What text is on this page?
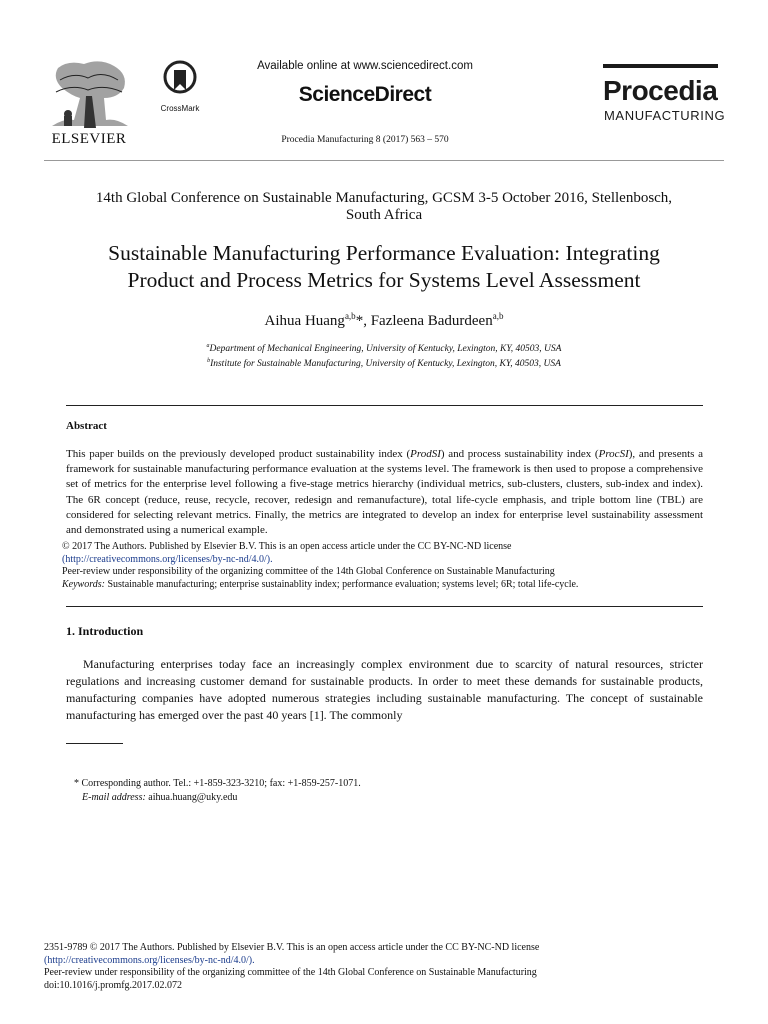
ELSEVIER
CrossMark
Available online at www.sciencedirect.com
ScienceDirect
Procedia Manufacturing 8 (2017) 563 – 570
Procedia
MANUFACTURING
14th Global Conference on Sustainable Manufacturing, GCSM 3-5 October 2016, Stellenbosch,
South Africa
Sustainable Manufacturing Performance Evaluation: Integrating
Product and Process Metrics for Systems Level Assessment
Aihua Huang$^{a,b}$*, Fazleena Badurdeen$^{a,b}$
$^a$Department of Mechanical Engineering, University of Kentucky, Lexington, KY, 40503, USA
$^b$Institute for Sustainable Manufacturing, University of Kentucky, Lexington, KY, 40503, USA
Abstract
This paper builds on the previously developed product sustainability index (ProdSI) and process sustainability index (ProcSI), and presents a framework for sustainable manufacturing performance evaluation at the systems level. The framework is then used to propose a comprehensive set of metrics for the enterprise level following a five-stage metrics hierarchy (individual metrics, sub-clusters, clusters, sub-index and index). The 6R concept (reduce, reuse, recycle, recover, redesign and remanufacture), total life-cycle emphasis, and triple bottom line (TBL) are considered for selecting relevant metrics. Finally, the metrics are integrated to develop an index for enterprise level sustainability assessment and demonstrated using a numerical example.
© 2017 The Authors. Published by Elsevier B.V. This is an open access article under the CC BY-NC-ND license
(http://creativecommons.org/licenses/by-nc-nd/4.0/).
Peer-review under responsibility of the organizing committee of the 14th Global Conference on Sustainable Manufacturing
Keywords: Sustainable manufacturing; enterprise sustainablity index; performance evaluation; systems level; 6R; total life-cycle.
1. Introduction
Manufacturing enterprises today face an increasingly complex environment due to scarcity of natural resources, stricter regulations and increasing customer demand for sustainable products. In order to meet these demands for sustainable products, manufacturing companies have adopted numerous strategies including sustainable manufacturing. The concept of sustainable manufacturing has emerged over the past 40 years [1]. The commonly
* Corresponding author. Tel.: +1-859-323-3210; fax: +1-859-257-1071.
E-mail address: aihua.huang@uky.edu
2351-9789 © 2017 The Authors. Published by Elsevier B.V. This is an open access article under the CC BY-NC-ND license
(http://creativecommons.org/licenses/by-nc-nd/4.0/).
Peer-review under responsibility of the organizing committee of the 14th Global Conference on Sustainable Manufacturing
doi:10.1016/j.promfg.2017.02.072
